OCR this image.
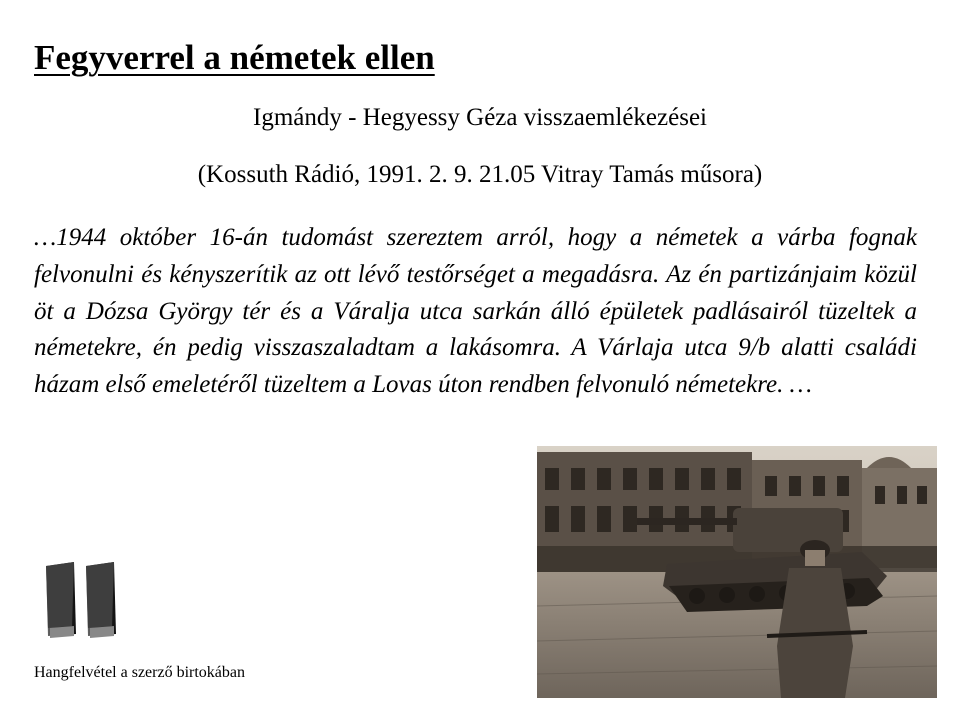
Fegyverrel a németek ellen

Igmándy - Hegyessy Géza visszaemlékezései

(Kossuth Rádió, 1991. 2. 9. 21.05 Vitray Tamás műsora)

…1944 október 16-án tudomást szereztem arról, hogy a németek a várba fognak felvonulni és kényszerítik az ott lévő testőrséget a megadásra. Az én partizánjaim közül öt a Dózsa György tér és a Váralja utca sarkán álló épületek padlásairól tüzeltek a németekre, én pedig visszaszaladtam a lakásomra. A Várlaja utca 9/b alatti családi házam első emeletéről tüzeltem a Lovas úton rendben felvonuló németekre. …

Hangfelvétel a szerző birtokában
